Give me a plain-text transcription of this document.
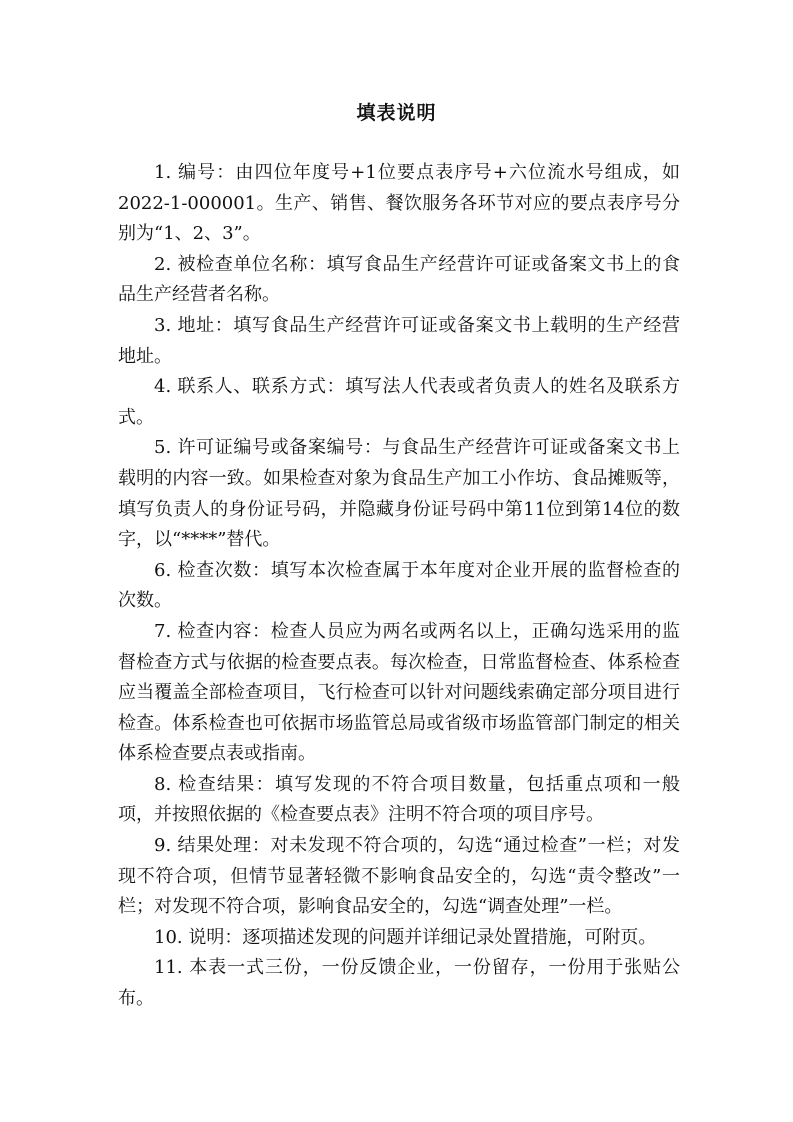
填表说明

1. 编号：由四位年度号+1位要点表序号+六位流水号组成，如2022-1-000001。生产、销售、餐饮服务各环节对应的要点表序号分别为“1、2、3”。

2. 被检查单位名称：填写食品生产经营许可证或备案文书上的食品生产经营者名称。

3. 地址：填写食品生产经营许可证或备案文书上载明的生产经营地址。

4. 联系人、联系方式：填写法人代表或者负责人的姓名及联系方式。

5. 许可证编号或备案编号：与食品生产经营许可证或备案文书上载明的内容一致。如果检查对象为食品生产加工小作坊、食品摊贩等，填写负责人的身份证号码，并隐藏身份证号码中第11位到第14位的数字，以“****”替代。

6. 检查次数：填写本次检查属于本年度对企业开展的监督检查的次数。

7. 检查内容：检查人员应为两名或两名以上，正确勾选采用的监督检查方式与依据的检查要点表。每次检查，日常监督检查、体系检查应当覆盖全部检查项目，飞行检查可以针对问题线索确定部分项目进行检查。体系检查也可依据市场监管总局或省级市场监管部门制定的相关体系检查要点表或指南。

8. 检查结果：填写发现的不符合项目数量，包括重点项和一般项，并按照依据的《检查要点表》注明不符合项的项目序号。

9. 结果处理：对未发现不符合项的，勾选“通过检查”一栏；对发现不符合项，但情节显著轻微不影响食品安全的，勾选“责令整改”一栏；对发现不符合项，影响食品安全的，勾选“调查处理”一栏。

10. 说明：逐项描述发现的问题并详细记录处置措施，可附页。

11. 本表一式三份，一份反馈企业，一份留存，一份用于张贴公布。
